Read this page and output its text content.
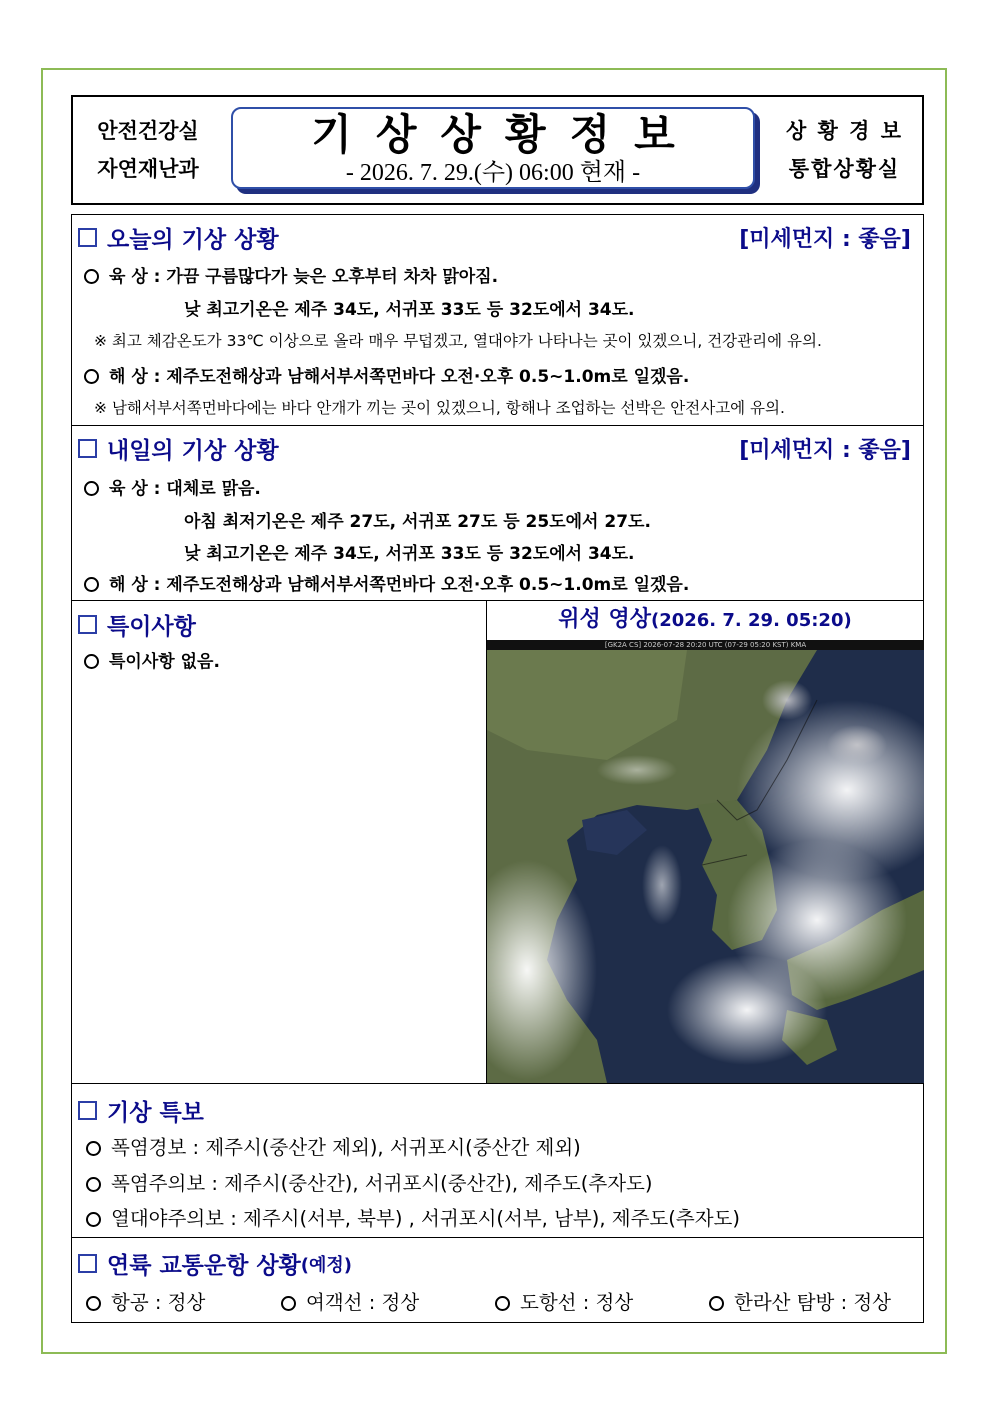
안전건강실
자연재난과
기상상황정보
- 2026. 7. 29.(수) 06:00 현재 -
상 황 경 보
통합상황실
오늘의 기상 상황	[미세먼지 : 좋음]
육 상 : 가끔 구름많다가 늦은 오후부터 차차 맑아짐.
낮 최고기온은 제주 34도, 서귀포 33도 등 32도에서 34도.
※ 최고 체감온도가 33℃ 이상으로 올라 매우 무덥겠고, 열대야가 나타나는 곳이 있겠으니, 건강관리에 유의.
해 상 : 제주도전해상과 남해서부서쪽먼바다 오전·오후 0.5~1.0m로 일겠음.
※ 남해서부서쪽먼바다에는 바다 안개가 끼는 곳이 있겠으니, 항해나 조업하는 선박은 안전사고에 유의.
내일의 기상 상황	[미세먼지 : 좋음]
육 상 : 대체로 맑음.
아침 최저기온은 제주 27도, 서귀포 27도 등 25도에서 27도.
낮 최고기온은 제주 34도, 서귀포 33도 등 32도에서 34도.
해 상 : 제주도전해상과 남해서부서쪽먼바다 오전·오후 0.5~1.0m로 일겠음.
특이사항
특이사항 없음.
위성 영상(2026. 7. 29. 05:20)
[GK2A CS] 2026-07-28 20:20 UTC (07-29 05:20 KST) KMA
기상 특보
폭염경보 : 제주시(중산간 제외), 서귀포시(중산간 제외)
폭염주의보 : 제주시(중산간), 서귀포시(중산간), 제주도(추자도)
열대야주의보 : 제주시(서부, 북부) , 서귀포시(서부, 남부), 제주도(추자도)
연륙 교통운항 상황 (예정)
항공 : 정상	여객선 : 정상	도항선 : 정상	한라산 탐방 : 정상
